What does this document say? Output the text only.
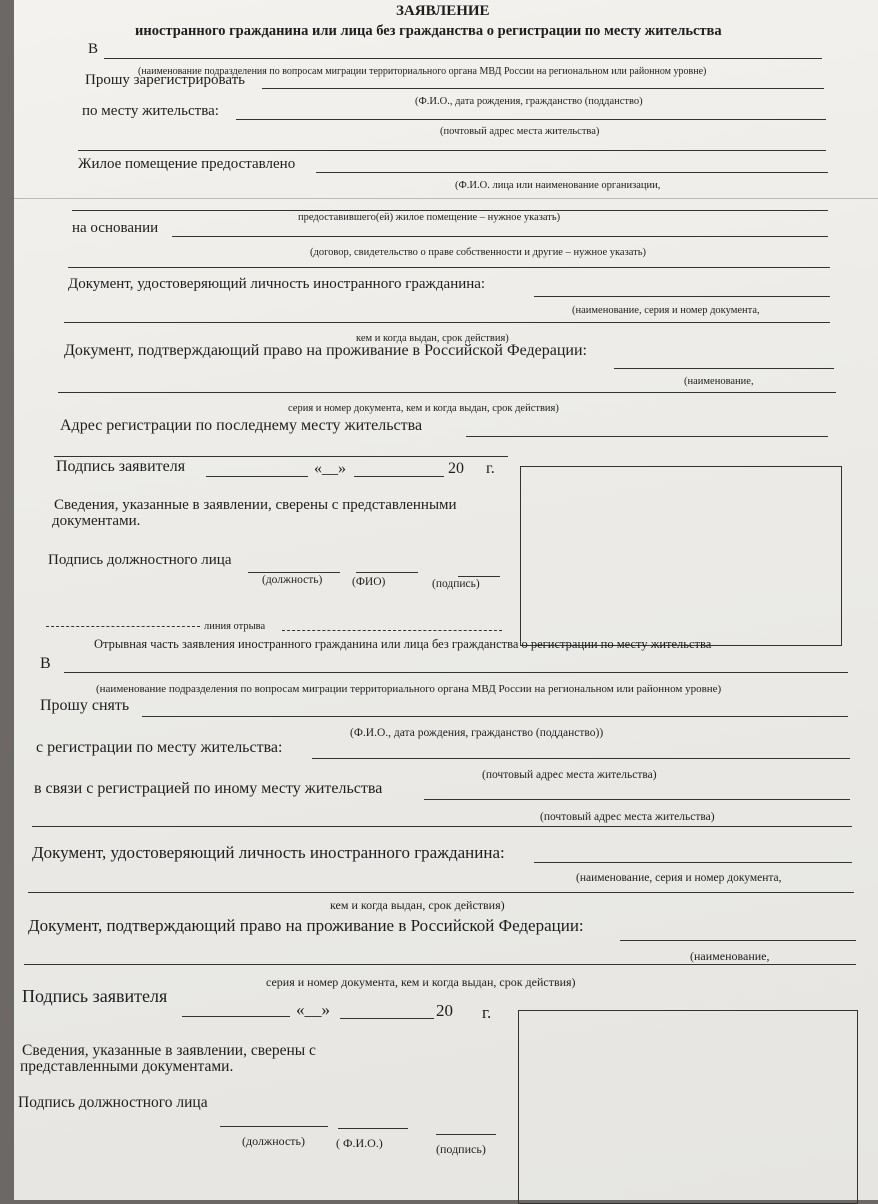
ЗАЯВЛЕНИЕ
иностранного гражданина или лица без гражданства о регистрации по месту жительства
В
(наименование подразделения по вопросам миграции территориального органа МВД России на региональном или районном уровне)
Прошу зарегистрировать
(Ф.И.О., дата рождения, гражданство (подданство)
по месту жительства:
(почтовый адрес места жительства)
Жилое помещение предоставлено
(Ф.И.О. лица или наименование организации,
предоставившего(ей) жилое помещение – нужное указать)
на основании
(договор, свидетельство о праве собственности и другие – нужное указать)
Документ, удостоверяющий личность иностранного гражданина:
(наименование, серия и номер документа,
кем и когда выдан, срок действия)
Документ, подтверждающий право на проживание в Российской Федерации:
(наименование,
серия и номер документа, кем и когда выдан, срок действия)
Адрес регистрации по последнему месту жительства
Подпись заявителя	«__»	20 г.
Сведения, указанные в заявлении, сверены с представленными
документами.
Подпись должностного лица
(должность)	(ФИО)	(подпись)
линия отрыва
Отрывная часть заявления иностранного гражданина или лица без гражданства о регистрации по месту жительства
В
(наименование подразделения по вопросам миграции территориального органа МВД России на региональном или районном уровне)
Прошу снять
(Ф.И.О., дата рождения, гражданство (подданство))
с регистрации по месту жительства:
(почтовый адрес места жительства)
в связи с регистрацией по иному месту жительства
(почтовый адрес места жительства)
Документ, удостоверяющий личность иностранного гражданина:
(наименование, серия и номер документа,
кем и когда выдан, срок действия)
Документ, подтверждающий право на проживание в Российской Федерации:
(наименование,
серия и номер документа, кем и когда выдан, срок действия)
Подпись заявителя
«__»	20 г.
Сведения, указанные в заявлении, сверены с
представленными документами.
Подпись должностного лица
(должность)	( Ф.И.О.)	(подпись)
